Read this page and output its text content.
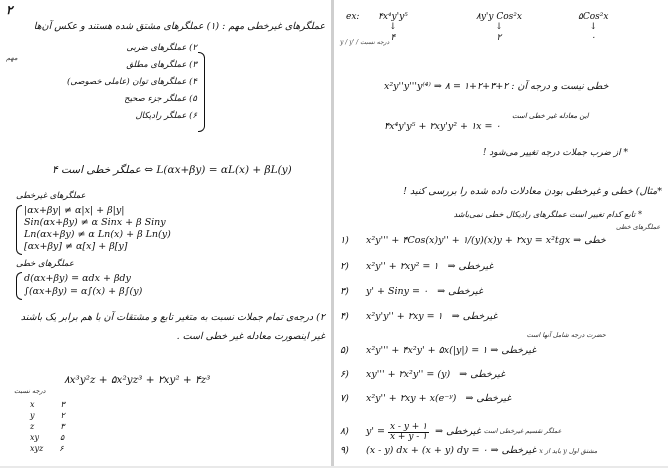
۲
ع‍ملگرهای غیرخطی مهم : (۱) عملگرهای مشتق شده هستند و عکس آن‌ها
مهم
۲) عملگرهای ضربی
۳) عملگرهای مطلق
۴) عملگرهای توان (عاملی خصوصی)
۵) عملگر جزء صحیح
۶) عملگر رادیکال
۴ عملگر خطی است ⇔ L(αx+βy) = αL(x) + βL(y)
عملگرهای غیرخطی
|αx+βy| ≠ α|x| + β|y|
Sin(αx+βy) ≠ α Sinx + β Siny
Ln(αx+βy) ≠ α Ln(x) + β Ln(y)
[αx+βy] ≠ α[x] + β[y]
عملگرهای خطی
d(αx+βy) = αdx + βdy
∫(αx+βy) = α∫(x) + β∫(y)
۲) درجه‌ی تمام جملات نسبت به متغیر تابع و مشتقات آن با هم برابر یک باشند
غیر اینصورت معادله غیر خطی است .
۸x³y²z + ۵x²yz³ + ۲xy² + ۴z³
درجه نسبت
x	۳
y	۲
z	۳
xy	۵
xyz ۶
ex: ۴x⁴y'y⁵
↓
۴
۸y'y Cos²x
↓
۲
۵Cos²x
↓
۰
y / y' / درجه نسبت
x²y''y'''y⁽⁴⁾ ⇒ خطی نیست و درجه آن : ۲+۳+۲+۱ = ۸
۴x⁴y'y⁵ + ۲xy'y² + ۱x = ۰
این معادله غیر خطی است
* از ضرب جملات درجه تغییر می‌شود !
*مثال) خطی و غیرخطی بودن معادلات داده شده را بررسی کنید !
* تابع کدام تغییر است عملگرهای رادیکال خطی نمی‌باشد
عملگرهای خطی
۱) x²y''' + ۴Cos(x)y'' + ۱/(y)(x)y + ۲xy = x²tgx ⇒ خطی
۲) x²y'' + ۲xy² = ۱ ⇒ غیرخطی
۳) y' + Siny = ۰ ⇒ غیرخطی
۴) x²y'y'' + ۲xy = ۱ ⇒ غیرخطی
حضرت درجه شامل آنها است
۵) x²y''' + ۴x²y' + ۵x(|y|) = ۱ ⇒ غیرخطی
۶) xy''' + ۲x²y'' = (y) ⇒ غیرخطی
۷) x²y'' + ۲xy + x(e⁻ʸ) ⇒ غیرخطی
۸)	y' =
$\frac{x - y + ۱}{x + y - ۱}$
⇒ غیرخطی
عملگر تقسیم غیرخطی است
۹) (x - y) dx + (x + y) dy = ۰ ⇒ غیرخطی مشتق اول y باید از x
